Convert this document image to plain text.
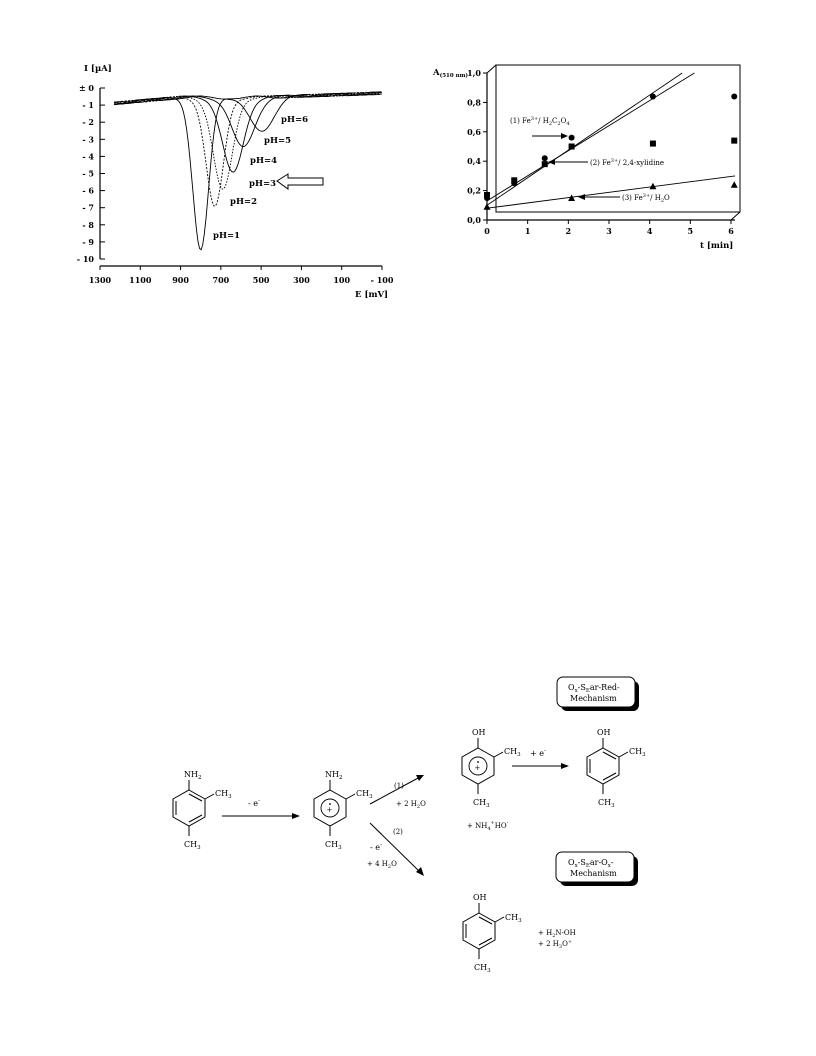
± 0
- 1
- 2
- 3
- 4
- 5
- 6
- 7
- 8
- 9
- 10
1300 1100	900	700	500	300	100	- 100
I [µA]
E [mV]
pH=6
pH=5
pH=4
pH=3
pH=2
pH=1
0,0
0,2
0,4
0,6
0,8
1,0
0	1	2	3	4	5	6
$A_{(510 nm)}$
t [min]
(1) $Fe^{3+}/$ $H_2C_2O_4$
(2) $Fe^{3+}/$ 2,4-xylidine
(3) $Fe^{3+}/$ $H_2O$
$NH_2$
$CH_3$
$CH_3$
- e-
+
$NH_2$
$CH_3$
$CH_3$
(1)
+ 2 $H_2O$
(2)
- e-
+ 4 $H_2O$
+
OH
$CH_3$
$CH_3$
+ $NH_4^+HO^-$
+ e-
OH
$CH_3$
$CH_3$
$O_x-S_Ear-Red-$
Mechanism
$O_x-S_Ear-O_x-$
Mechanism
OH
$CH_3$
$CH_3$
+ $H_2N-OH$
+ 2 $H_3O^+$
